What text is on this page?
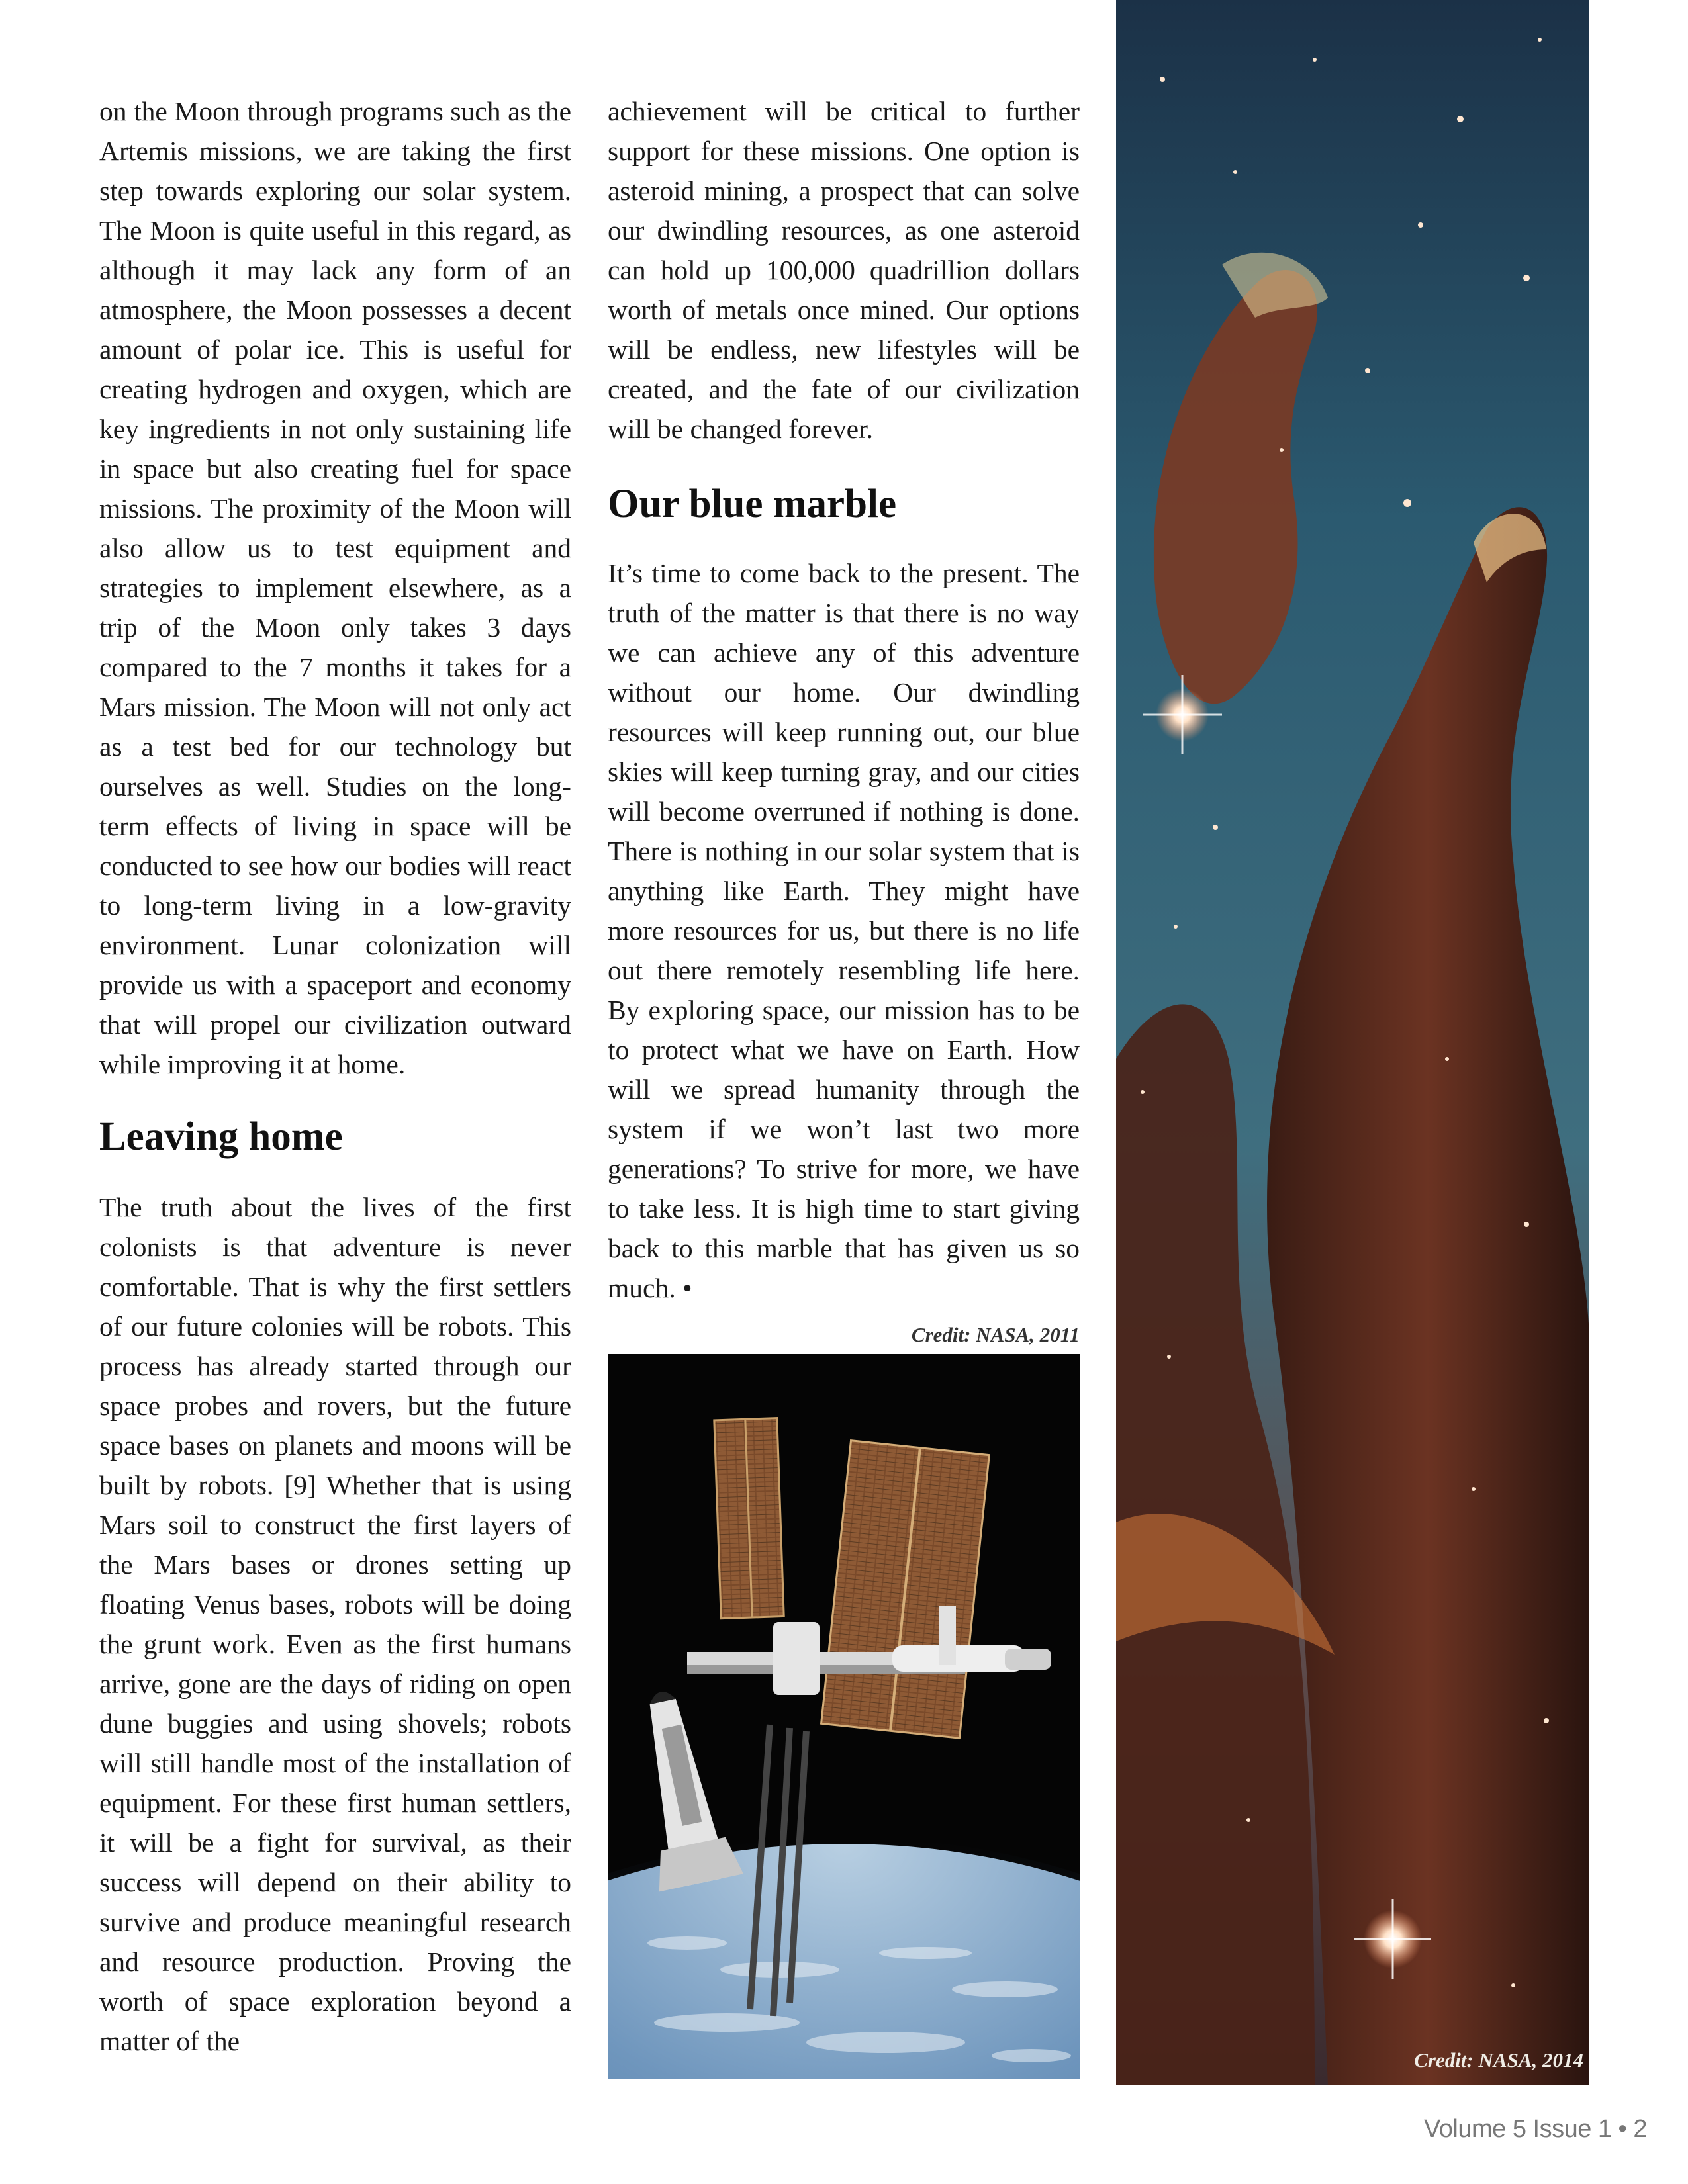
on the Moon through programs such as the Artemis missions, we are taking the first step towards exploring our solar system. The Moon is quite useful in this regard, as although it may lack any form of an atmosphere, the Moon possesses a decent amount of polar ice. This is useful for creating hydrogen and oxygen, which are key ingredients in not only sustaining life in space but also creating fuel for space missions. The proximity of the Moon will also allow us to test equipment and strategies to implement elsewhere, as a trip of the Moon only takes 3 days compared to the 7 months it takes for a Mars mission. The Moon will not only act as a test bed for our technology but ourselves as well. Studies on the long-term effects of living in space will be conducted to see how our bodies will react to long-term living in a low-gravity environment. Lunar colonization will provide us with a spaceport and economy that will propel our civilization outward while improving it at home.

Leaving home

The truth about the lives of the first colonists is that adventure is never comfortable. That is why the first settlers of our future colonies will be robots. This process has already started through our space probes and rovers, but the future space bases on planets and moons will be built by robots. [9] Whether that is using Mars soil to construct the first layers of the Mars bases or drones setting up floating Venus bases, robots will be doing the grunt work. Even as the first humans arrive, gone are the days of riding on open dune buggies and using shovels; robots will still handle most of the installation of equipment. For these first human settlers, it will be a fight for survival, as their success will depend on their ability to survive and produce meaningful research and resource production. Proving the worth of space exploration beyond a matter of the

achievement will be critical to further support for these missions. One option is asteroid mining, a prospect that can solve our dwindling resources, as one asteroid can hold up 100,000 quadrillion dollars worth of metals once mined. Our options will be endless, new lifestyles will be created, and the fate of our civilization will be changed forever.

Our blue marble

It’s time to come back to the present. The truth of the matter is that there is no way we can achieve any of this adventure without our home. Our dwindling resources will keep running out, our blue skies will keep turning gray, and our cities will become overruned if nothing is done. There is nothing in our solar system that is anything like Earth. They might have more resources for us, but there is no life out there remotely resembling life here. By exploring space, our mission has to be to protect what we have on Earth. How will we spread humanity through the system if we won’t last two more generations? To strive for more, we have to take less. It is high time to start giving back to this marble that has given us so much. •

Credit: NASA, 2011
Credit: NASA, 2014
Volume 5 Issue 1 • 2
